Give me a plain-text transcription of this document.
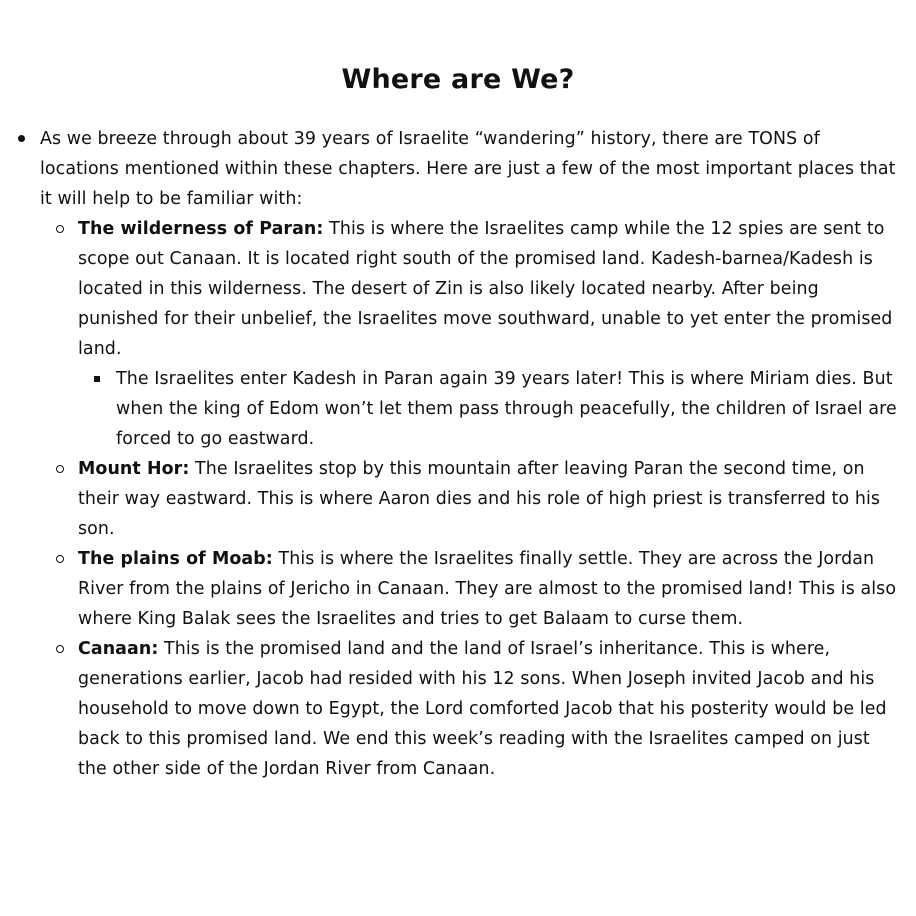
Where are We?
As we breeze through about 39 years of Israelite “wandering” history, there are TONS of locations mentioned within these chapters. Here are just a few of the most important places that it will help to be familiar with:
The wilderness of Paran: This is where the Israelites camp while the 12 spies are sent to scope out Canaan. It is located right south of the promised land. Kadesh-barnea/Kadesh is located in this wilderness. The desert of Zin is also likely located nearby. After being punished for their unbelief, the Israelites move southward, unable to yet enter the promised land.
The Israelites enter Kadesh in Paran again 39 years later! This is where Miriam dies. But when the king of Edom won’t let them pass through peacefully, the children of Israel are forced to go eastward.
Mount Hor: The Israelites stop by this mountain after leaving Paran the second time, on their way eastward. This is where Aaron dies and his role of high priest is transferred to his son.
The plains of Moab: This is where the Israelites finally settle. They are across the Jordan River from the plains of Jericho in Canaan. They are almost to the promised land! This is also where King Balak sees the Israelites and tries to get Balaam to curse them.
Canaan: This is the promised land and the land of Israel’s inheritance. This is where, generations earlier, Jacob had resided with his 12 sons. When Joseph invited Jacob and his household to move down to Egypt, the Lord comforted Jacob that his posterity would be led back to this promised land. We end this week’s reading with the Israelites camped on just the other side of the Jordan River from Canaan.
